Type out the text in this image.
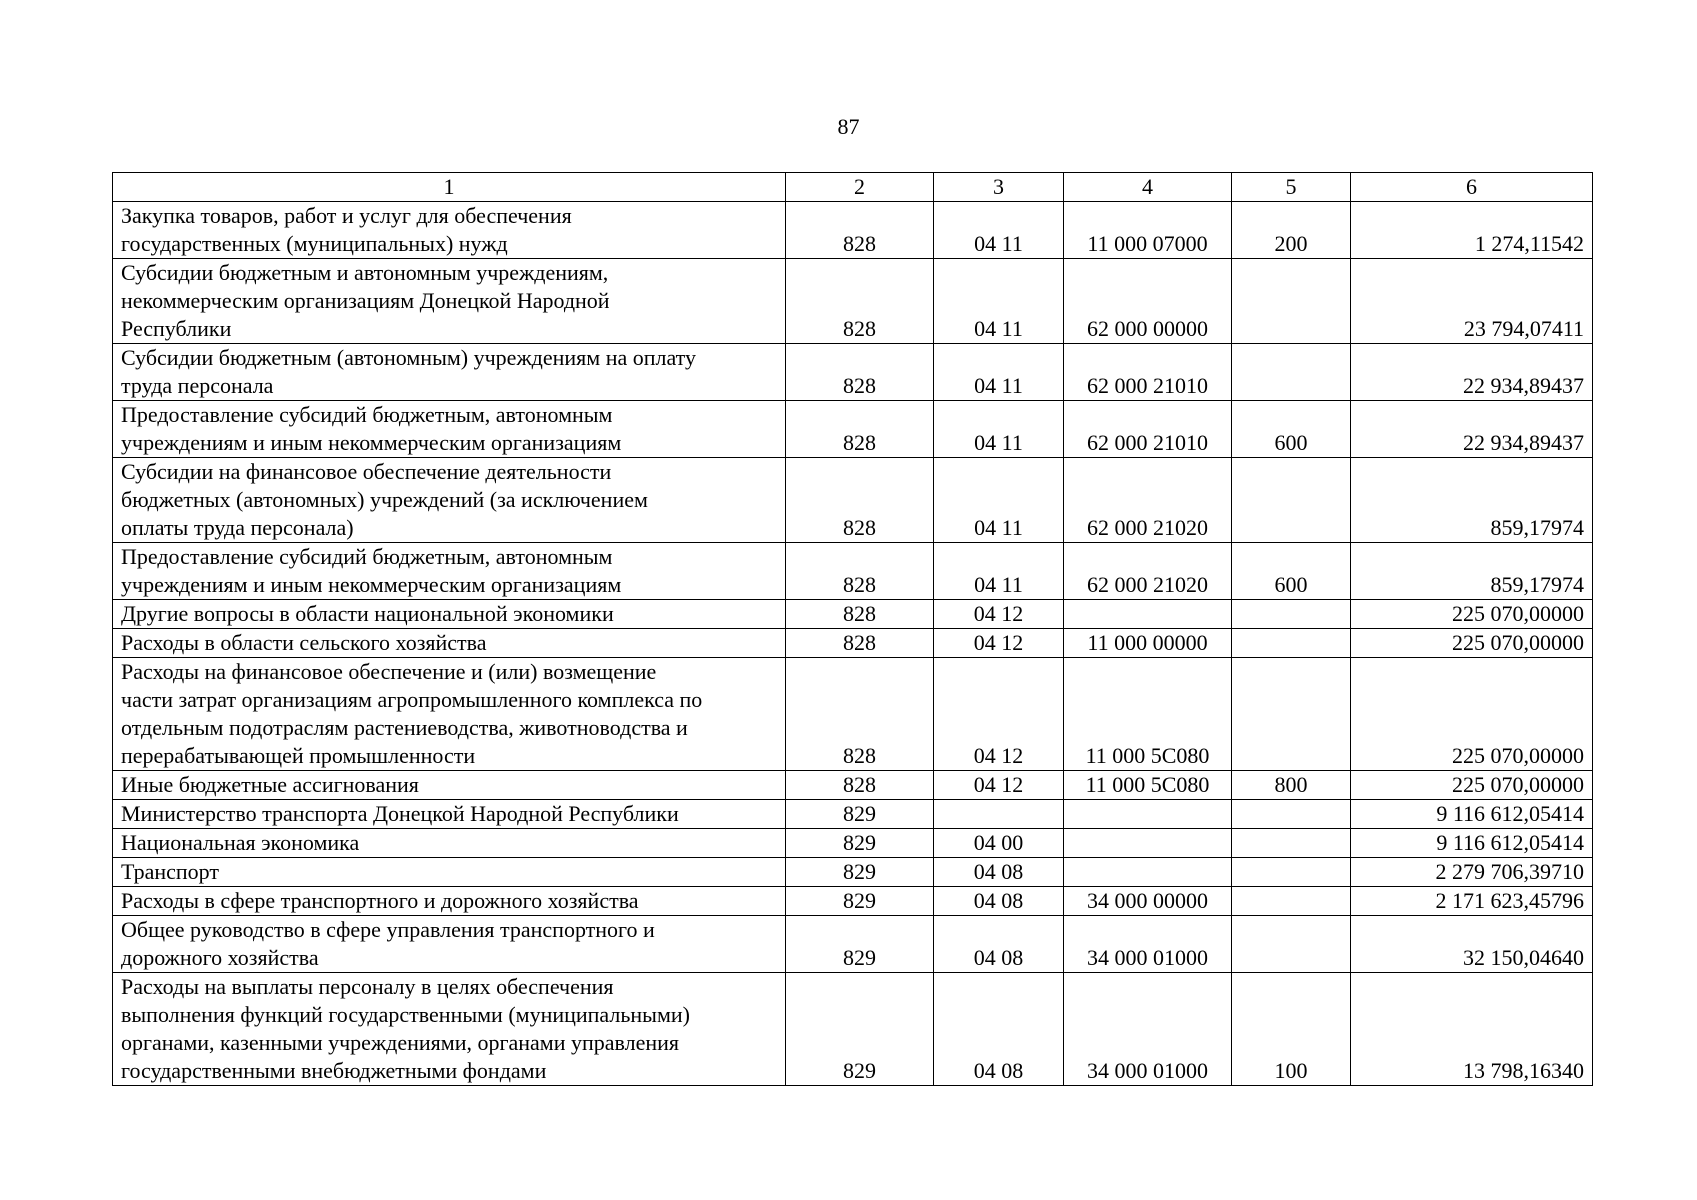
87
1	2	3	4	5	6
Закупка товаров, работ и услуг для обеспечения
государственных (муниципальных) нужд	828	04 11	11 000 07000	200	1 274,11542
Субсидии бюджетным и автономным учреждениям,
некоммерческим организациям Донецкой Народной
Республики	828	04 11	62 000 00000		23 794,07411
Субсидии бюджетным (автономным) учреждениям на оплату
труда персонала	828	04 11	62 000 21010		22 934,89437
Предоставление субсидий бюджетным, автономным
учреждениям и иным некоммерческим организациям	828	04 11	62 000 21010	600	22 934,89437
Субсидии на финансовое обеспечение деятельности
бюджетных (автономных) учреждений (за исключением
оплаты труда персонала)	828	04 11	62 000 21020		859,17974
Предоставление субсидий бюджетным, автономным
учреждениям и иным некоммерческим организациям	828	04 11	62 000 21020	600	859,17974
Другие вопросы в области национальной экономики	828	04 12			225 070,00000
Расходы в области сельского хозяйства	828	04 12	11 000 00000		225 070,00000
Расходы на финансовое обеспечение и (или) возмещение
части затрат организациям агропромышленного комплекса по
отдельным подотраслям растениеводства, животноводства и
перерабатывающей промышленности	828	04 12	11 000 5С080		225 070,00000
Иные бюджетные ассигнования	828	04 12	11 000 5С080	800	225 070,00000
Министерство транспорта Донецкой Народной Республики	829				9 116 612,05414
Национальная экономика	829	04 00			9 116 612,05414
Транспорт	829	04 08			2 279 706,39710
Расходы в сфере транспортного и дорожного хозяйства	829	04 08	34 000 00000		2 171 623,45796
Общее руководство в сфере управления транспортного и
дорожного хозяйства	829	04 08	34 000 01000		32 150,04640
Расходы на выплаты персоналу в целях обеспечения
выполнения функций государственными (муниципальными)
органами, казенными учреждениями, органами управления
государственными внебюджетными фондами	829	04 08	34 000 01000	100	13 798,16340
